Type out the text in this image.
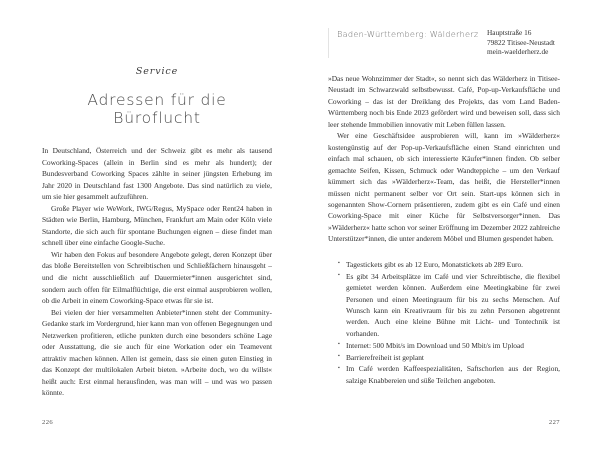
Service
Adressen für die Büroflucht

In Deutschland, Österreich und der Schweiz gibt es mehr als tausend Coworking-Spaces (allein in Berlin sind es mehr als hundert); der Bundesverband Coworking Spaces zählte in seiner jüngsten Erhebung im Jahr 2020 in Deutschland fast 1300 Angebote. Das sind natürlich zu viele, um sie hier gesammelt aufzuführen.

Große Player wie WeWork, IWG/Regus, MySpace oder Rent24 haben in Städten wie Berlin, Hamburg, München, Frankfurt am Main oder Köln viele Standorte, die sich auch für spontane Buchungen eignen – diese findet man schnell über eine einfache Google-Suche.

Wir haben den Fokus auf besondere Angebote gelegt, deren Konzept über das bloße Bereitstellen von Schreibtischen und Schließfächern hinausgeht – und die nicht ausschließlich auf Dauermieter*innen ausgerichtet sind, sondern auch offen für Eilmalflüchtige, die erst einmal ausprobieren wollen, ob die Arbeit in einem Coworking-Space etwas für sie ist.

Bei vielen der hier versammelten Anbieter*innen steht der Community-Gedanke stark im Vordergrund, hier kann man von offenen Begegnungen und Netzwerken profitieren, etliche punkten durch eine besonders schöne Lage oder Ausstattung, die sie auch für eine Workation oder ein Teamevent attraktiv machen können. Allen ist gemein, dass sie einen guten Einstieg in das Konzept der multilokalen Arbeit bieten. »Arbeite doch, wo du willst« heißt auch: Erst einmal herausfinden, was man will – und was wo passen könnte.

226
Baden-Württemberg: Wälderherz	Hauptstraße 16
79822 Titisee-Neustadt
mein-waelderherz.de

»Das neue Wohnzimmer der Stadt«, so nennt sich das Wälderherz in Titisee-Neustadt im Schwarzwald selbstbewusst. Café, Pop-up-Verkaufsfläche und Coworking – das ist der Dreiklang des Projekts, das vom Land Baden-Württemberg noch bis Ende 2023 gefördert wird und beweisen soll, dass sich leer stehende Immobilien innovativ mit Leben füllen lassen.

Wer eine Geschäftsidee ausprobieren will, kann im »Wälderherz« kostengünstig auf der Pop-up-Verkaufsfläche einen Stand einrichten und einfach mal schauen, ob sich interessierte Käufer*innen finden. Ob selber gemachte Seifen, Kissen, Schmuck oder Wandteppiche – um den Verkauf kümmert sich das »Wälderherz«-Team, das heißt, die Hersteller*innen müssen nicht permanent selber vor Ort sein. Start-ups können sich in sogenannten Show-Cornern präsentieren, zudem gibt es ein Café und einen Coworking-Space mit einer Küche für Selbstversorger*innen. Das »Wälderherz« hatte schon vor seiner Eröffnung im Dezember 2022 zahlreiche Unterstützer*innen, die unter anderem Möbel und Blumen gespendet haben.

▪ Tagestickets gibt es ab 12 Euro, Monatstickets ab 289 Euro.
▪ Es gibt 34 Arbeitsplätze im Café und vier Schreibtische, die flexibel gemietet werden können. Außerdem eine Meetingkabine für zwei Personen und einen Meetingraum für bis zu sechs Menschen. Auf Wunsch kann ein Kreativraum für bis zu zehn Personen abgetrennt werden. Auch eine kleine Bühne mit Licht- und Tontechnik ist vorhanden.
▪ Internet: 500 Mbit/s im Download und 50 Mbit/s im Upload
▪ Barrierefreiheit ist geplant
▪ Im Café werden Kaffeespezialitäten, Saftschorlen aus der Region, salzige Knabbereien und süße Teilchen angeboten.
227
